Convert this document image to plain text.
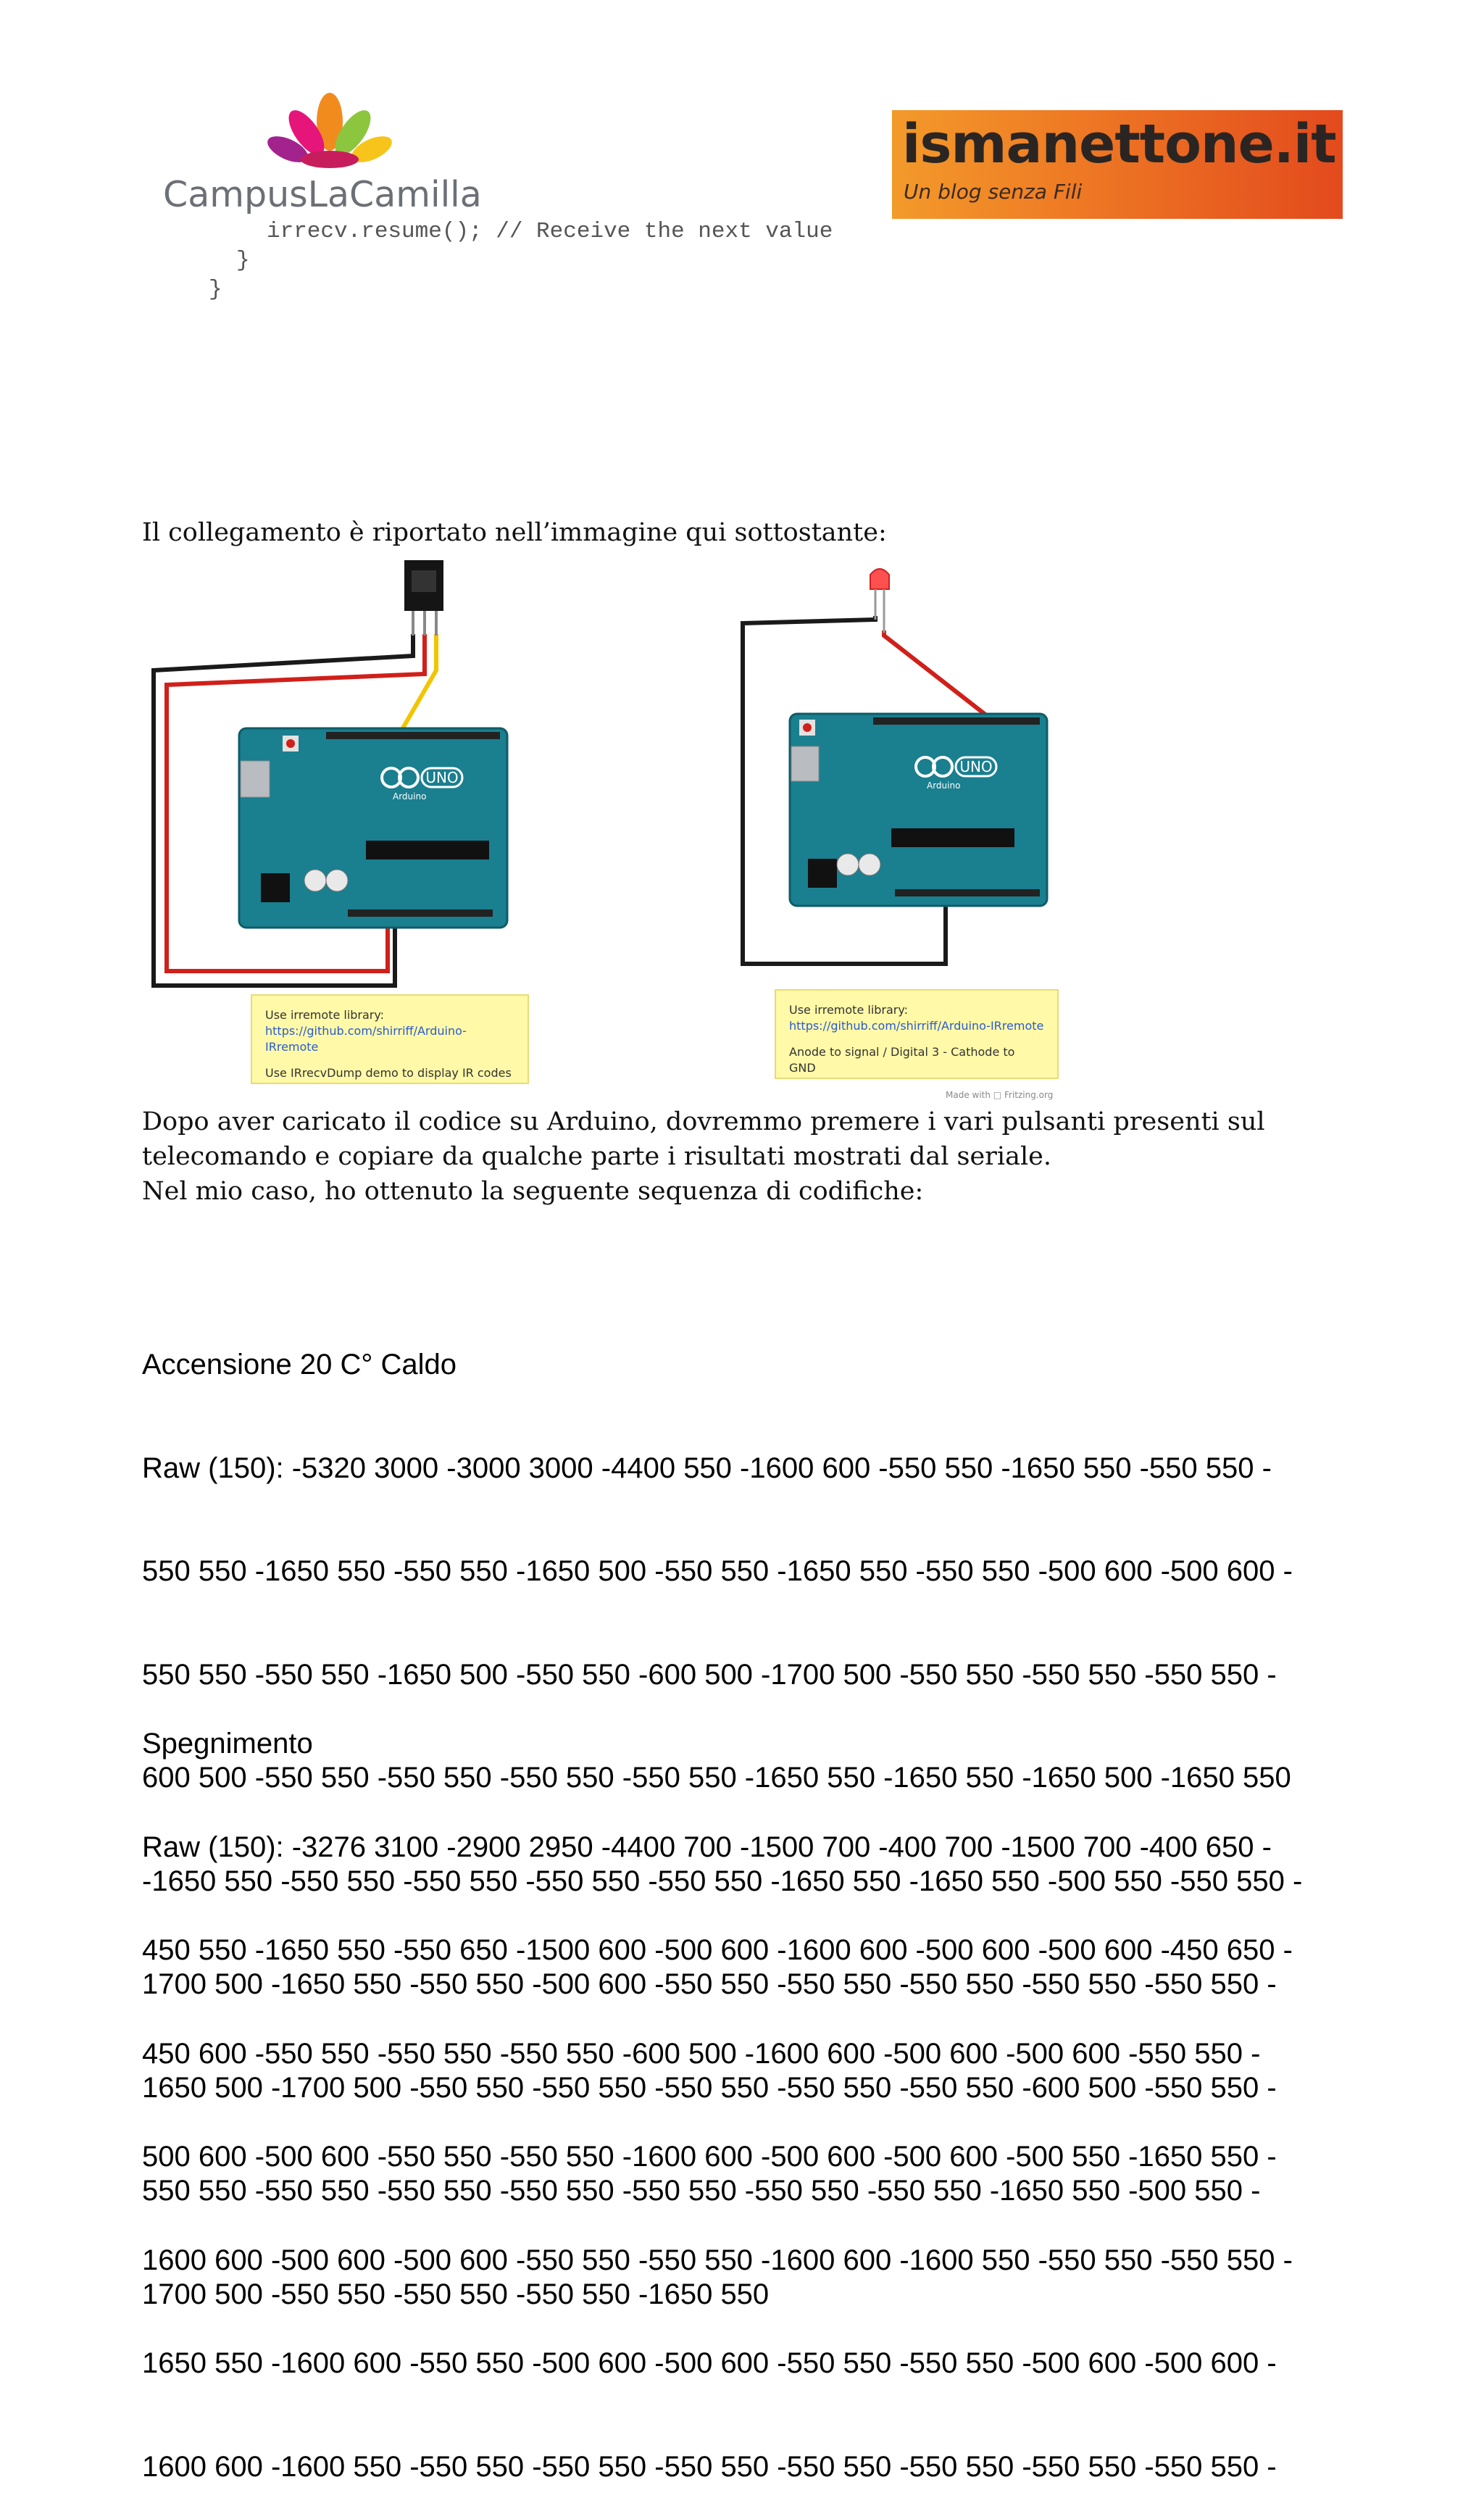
CampusLaCamilla
ismanettone.it
Un blog senza Fili
irrecv.resume(); // Receive the next value
}
}
Il collegamento è riportato nell’immagine qui sottostante:
UNO
Arduino
Use irremote library:
https://github.com/shirriff/Arduino-IRremote
Use IRrecvDump demo to display IR codes
UNO
Arduino
Use irremote library:
https://github.com/shirriff/Arduino-IRremote
Anode to signal / Digital 3 - Cathode to GND
Made with □ Fritzing.org
Dopo aver caricato il codice su Arduino, dovremmo premere i vari pulsanti presenti sul
telecomando e copiare da qualche parte i risultati mostrati dal seriale.
Nel mio caso, ho ottenuto la seguente sequenza di codifiche:

Accensione 20 C° Caldo

Raw (150): -5320 3000 -3000 3000 -4400 550 -1600 600 -550 550 -1650 550 -550 550 -

550 550 -1650 550 -550 550 -1650 500 -550 550 -1650 550 -550 550 -500 600 -500 600 -

550 550 -550 550 -1650 500 -550 550 -600 500 -1700 500 -550 550 -550 550 -550 550 -

600 500 -550 550 -550 550 -550 550 -550 550 -1650 550 -1650 550 -1650 500 -1650 550

-1650 550 -550 550 -550 550 -550 550 -550 550 -1650 550 -1650 550 -500 550 -550 550 -

1700 500 -1650 550 -550 550 -500 600 -550 550 -550 550 -550 550 -550 550 -550 550 -

1650 500 -1700 500 -550 550 -550 550 -550 550 -550 550 -550 550 -600 500 -550 550 -

550 550 -550 550 -550 550 -550 550 -550 550 -550 550 -550 550 -1650 550 -500 550 -

1700 500 -550 550 -550 550 -550 550 -1650 550

Spegnimento

Raw (150): -3276 3100 -2900 2950 -4400 700 -1500 700 -400 700 -1500 700 -400 650 -

450 550 -1650 550 -550 650 -1500 600 -500 600 -1600 600 -500 600 -500 600 -450 650 -

450 600 -550 550 -550 550 -550 550 -600 500 -1600 600 -500 600 -500 600 -550 550 -

500 600 -500 600 -550 550 -550 550 -1600 600 -500 600 -500 600 -500 550 -1650 550 -

1600 600 -500 600 -500 600 -550 550 -550 550 -1600 600 -1600 550 -550 550 -550 550 -

1650 550 -1600 600 -550 550 -500 600 -500 600 -550 550 -550 550 -500 600 -500 600 -

1600 600 -1600 550 -550 550 -550 550 -550 550 -550 550 -550 550 -550 550 -550 550 -
